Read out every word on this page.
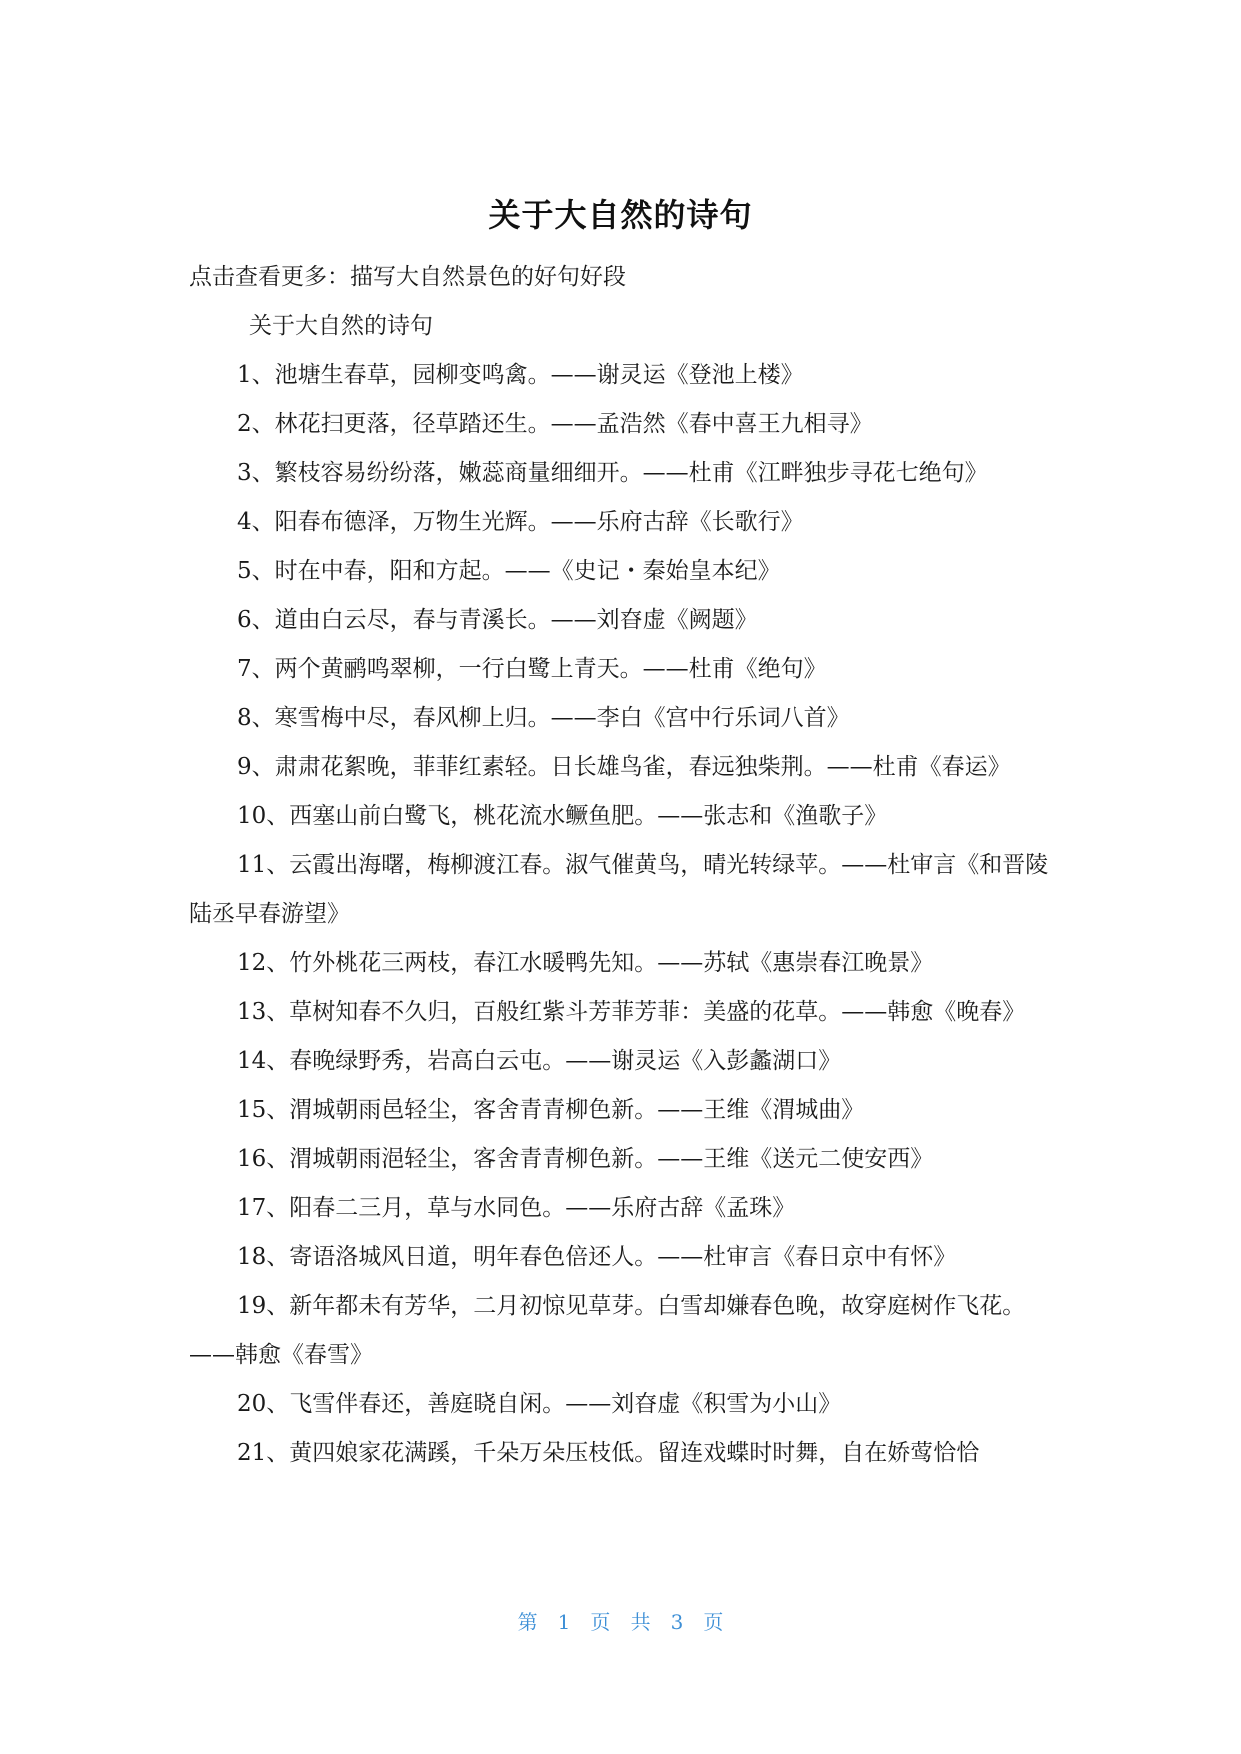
关于大自然的诗句

点击查看更多：描写大自然景色的好句好段

关于大自然的诗句

1、池塘生春草，园柳变鸣禽。——谢灵运《登池上楼》

2、林花扫更落，径草踏还生。——孟浩然《春中喜王九相寻》

3、繁枝容易纷纷落，嫩蕊商量细细开。——杜甫《江畔独步寻花七绝句》

4、阳春布德泽，万物生光辉。——乐府古辞《长歌行》

5、时在中春，阳和方起。——《史记・秦始皇本纪》

6、道由白云尽，春与青溪长。——刘昚虚《阙题》

7、两个黄鹂鸣翠柳，一行白鹭上青天。——杜甫《绝句》

8、寒雪梅中尽，春风柳上归。——李白《宫中行乐词八首》

9、肃肃花絮晚，菲菲红素轻。日长雄鸟雀，春远独柴荆。——杜甫《春运》

10、西塞山前白鹭飞，桃花流水鳜鱼肥。——张志和《渔歌子》

11、云霞出海曙，梅柳渡江春。淑气催黄鸟，晴光转绿苹。——杜审言《和晋陵陆丞早春游望》

12、竹外桃花三两枝，春江水暖鸭先知。——苏轼《惠崇春江晚景》

13、草树知春不久归，百般红紫斗芳菲芳菲：美盛的花草。——韩愈《晚春》

14、春晚绿野秀，岩高白云屯。——谢灵运《入彭蠡湖口》

15、渭城朝雨邑轻尘，客舍青青柳色新。——王维《渭城曲》

16、渭城朝雨浥轻尘，客舍青青柳色新。——王维《送元二使安西》

17、阳春二三月，草与水同色。——乐府古辞《孟珠》

18、寄语洛城风日道，明年春色倍还人。——杜审言《春日京中有怀》

19、新年都未有芳华，二月初惊见草芽。白雪却嫌春色晚，故穿庭树作飞花。——韩愈《春雪》

20、飞雪伴春还，善庭晓自闲。——刘昚虚《积雪为小山》

21、黄四娘家花满蹊，千朵万朵压枝低。留连戏蝶时时舞，自在娇莺恰恰

第 1 页 共 3 页
